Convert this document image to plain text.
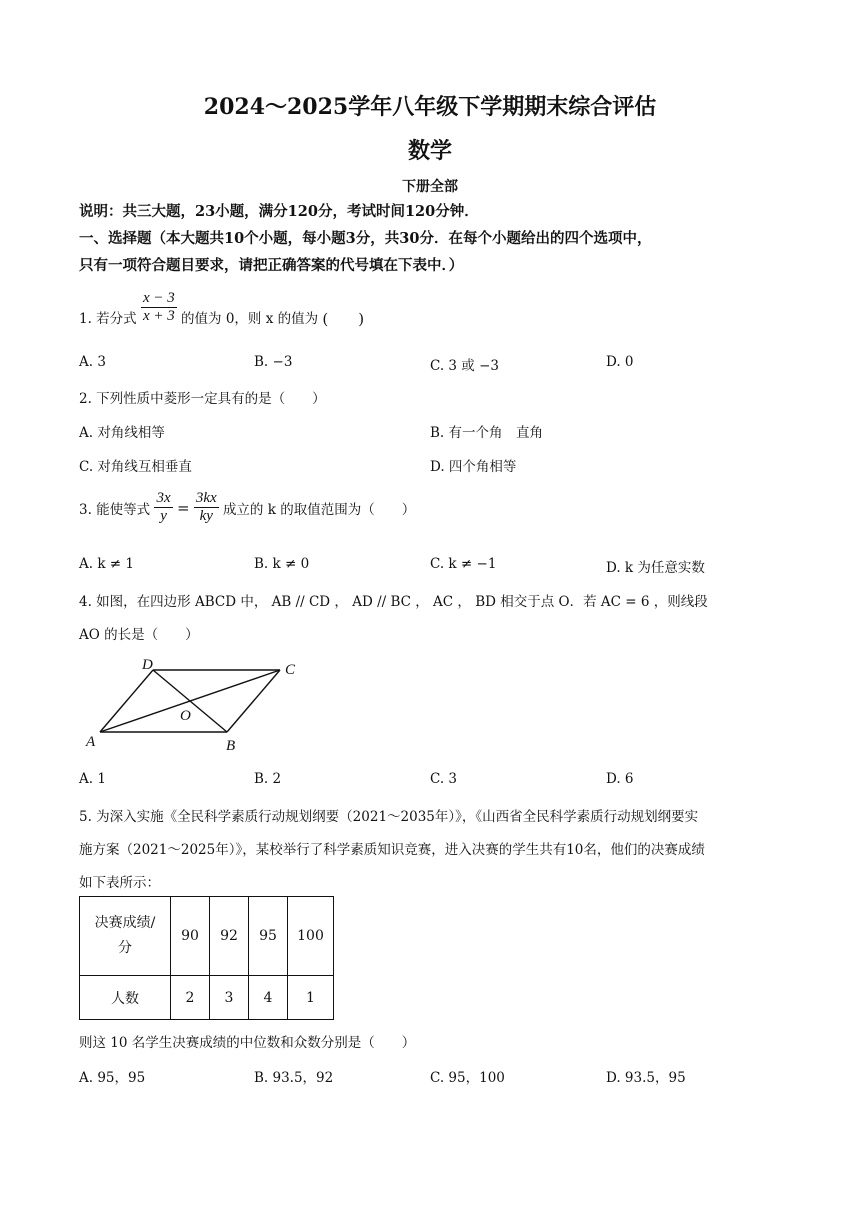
2024～2025学年八年级下学期期末综合评估
数学
下册全部
说明：共三大题，23小题，满分120分，考试时间120分钟．
一、选择题（本大题共10个小题，每小题3分，共30分．在每个小题给出的四个选项中，
只有一项符合题目要求，请把正确答案的代号填在下表中．）
1. 若分式 $\frac{x - 3}{x + 3}$ 的值为 0，则 x 的值为 (　　)
A. 3	B. −3	C. 3 或 −3	D. 0
2. 下列性质中菱形一定具有的是（　　）
A. 对角线相等	B. 有一个角　直角
C. 对角线互相垂直	D. 四个角相等
3. 能使等式 $\frac{3x}{y} = \frac{3kx}{ky}$ 成立的 k 的取值范围为（　　）
A. k ≠ 1	B. k ≠ 0	C. k ≠ −1	D. k 为任意实数
4. 如图，在四边形 ABCD 中， AB // CD ， AD // BC ， AC ， BD 相交于点 O．若 AC = 6 ，则线段
AO 的长是（　　）
A	B
C
D
O
A. 1	B. 2	C. 3	D. 6
5. 为深入实施《全民科学素质行动规划纲要（2021～2035年）》，《山西省全民科学素质行动规划纲要实
施方案（2021～2025年）》，某校举行了科学素质知识竞赛，进入决赛的学生共有10名，他们的决赛成绩
如下表所示：
决赛成绩/
分	90	92	95	100
人数	2	3	4	1
则这 10 名学生决赛成绩的中位数和众数分别是（　　）
A. 95，95	B. 93.5，92	C. 95，100	D. 93.5，95
